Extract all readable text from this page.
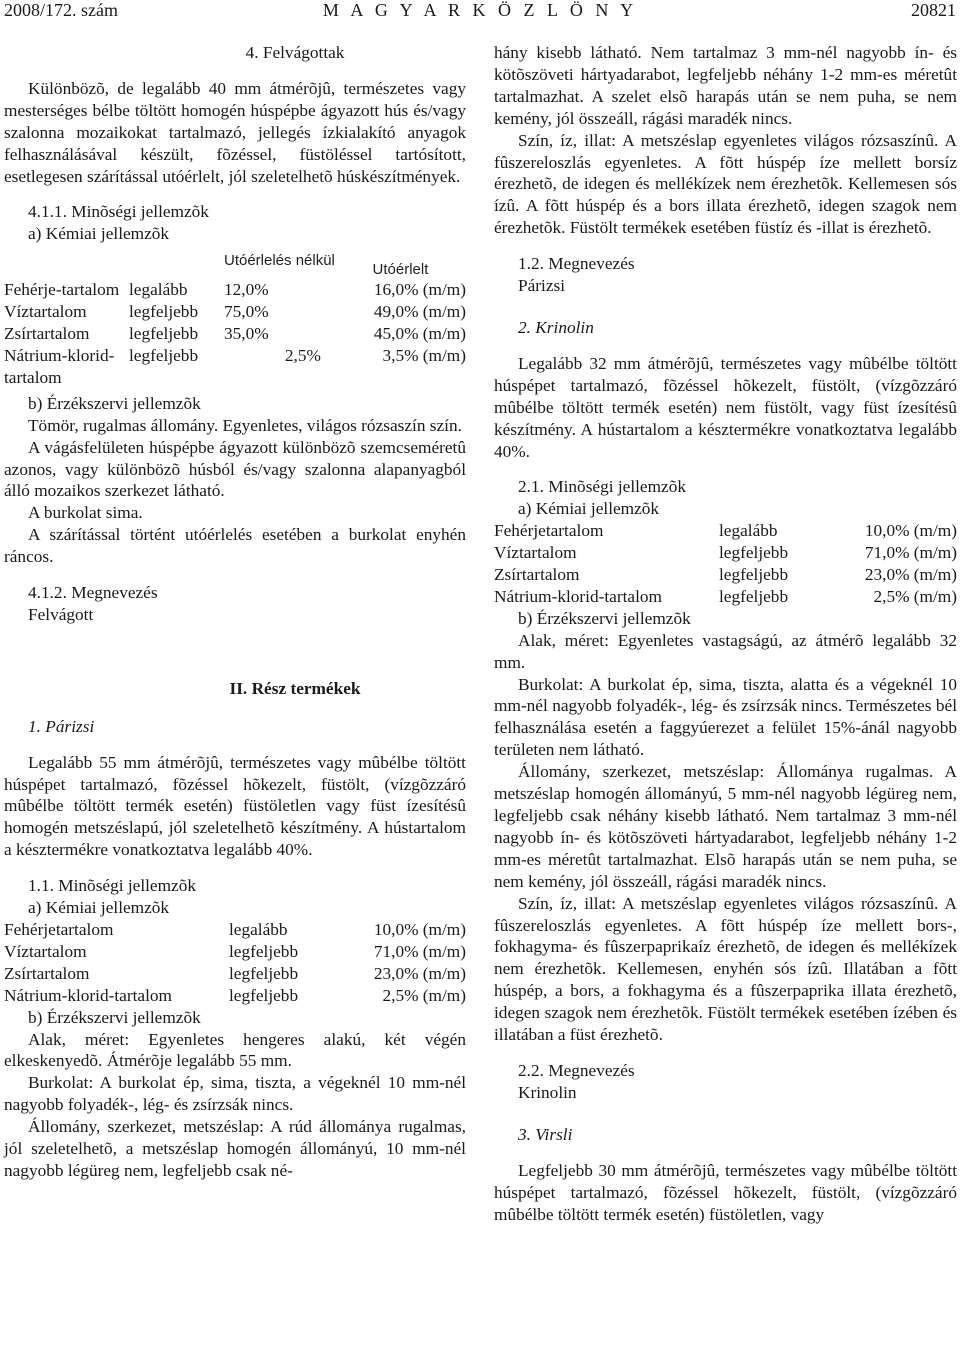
2008/172. szám	M A G Y A R K Ö Z L Ö N Y	20821

4. Felvágottak

Különbözõ, de legalább 40 mm átmérõjû, természetes vagy mesterséges bélbe töltött homogén húspépbe ágyazott hús és/vagy szalonna mozaikokat tartalmazó, jellegés ízkialakító anyagok felhasználásával készült, fõzéssel, füstöléssel tartósított, esetlegesen szárítással utóérlelt, jól szeletelhetõ húskészítmények.

4.1.1. Minõségi jellemzõk

a) Kémiai jellemzõk

		Utóérlelés nélkül	Utóérlelt
Fehérje-tartalom	legalább	12,0%	16,0% (m/m)
Víztartalom	legfeljebb	75,0%	49,0% (m/m)
Zsírtartalom	legfeljebb	35,0%	45,0% (m/m)
Nátrium-klorid-tartalom	legfeljebb	2,5%	3,5% (m/m)

b) Érzékszervi jellemzõk

Tömör, rugalmas állomány. Egyenletes, világos rózsaszín szín.

A vágásfelületen húspépbe ágyazott különbözõ szemcseméretû azonos, vagy különbözõ húsból és/vagy szalonna alapanyagból álló mozaikos szerkezet látható.

A burkolat sima.

A szárítással történt utóérlelés esetében a burkolat enyhén ráncos.

4.1.2. Megnevezés

Felvágott

II. Rész termékek

1. Párizsi

Legalább 55 mm átmérõjû, természetes vagy mûbélbe töltött húspépet tartalmazó, fõzéssel hõkezelt, füstölt, (vízgõzzáró mûbélbe töltött termék esetén) füstöletlen vagy füst ízesítésû homogén metszéslapú, jól szeletelhetõ készítmény. A hústartalom a késztermékre vonatkoztatva legalább 40%.

1.1. Minõségi jellemzõk

a) Kémiai jellemzõk

Fehérjetartalom	legalább	10,0% (m/m)
Víztartalom	legfeljebb	71,0% (m/m)
Zsírtartalom	legfeljebb	23,0% (m/m)
Nátrium-klorid-tartalom	legfeljebb	2,5% (m/m)

b) Érzékszervi jellemzõk

Alak, méret: Egyenletes hengeres alakú, két végén elkeskenyedõ. Átmérõje legalább 55 mm.

Burkolat: A burkolat ép, sima, tiszta, a végeknél 10 mm-nél nagyobb folyadék-, lég- és zsírzsák nincs.

Állomány, szerkezet, metszéslap: A rúd állománya rugalmas, jól szeletelhetõ, a metszéslap homogén állományú, 10 mm-nél nagyobb légüreg nem, legfeljebb csak né-

hány kisebb látható. Nem tartalmaz 3 mm-nél nagyobb ín- és kötõszöveti hártyadarabot, legfeljebb néhány 1-2 mm-es méretût tartalmazhat. A szelet elsõ harapás után se nem puha, se nem kemény, jól összeáll, rágási maradék nincs.

Szín, íz, illat: A metszéslap egyenletes világos rózsaszínû. A fûszereloszlás egyenletes. A fõtt húspép íze mellett borsíz érezhetõ, de idegen és mellékízek nem érezhetõk. Kellemesen sós ízû. A fõtt húspép és a bors illata érezhetõ, idegen szagok nem érezhetõk. Füstölt termékek esetében füstíz és -illat is érezhetõ.

1.2. Megnevezés

Párizsi

2. Krinolin

Legalább 32 mm átmérõjû, természetes vagy mûbélbe töltött húspépet tartalmazó, fõzéssel hõkezelt, füstölt, (vízgõzzáró mûbélbe töltött termék esetén) nem füstölt, vagy füst ízesítésû készítmény. A hústartalom a késztermékre vonatkoztatva legalább 40%.

2.1. Minõségi jellemzõk

a) Kémiai jellemzõk

Fehérjetartalom	legalább	10,0% (m/m)
Víztartalom	legfeljebb	71,0% (m/m)
Zsírtartalom	legfeljebb	23,0% (m/m)
Nátrium-klorid-tartalom	legfeljebb	2,5% (m/m)

b) Érzékszervi jellemzõk

Alak, méret: Egyenletes vastagságú, az átmérõ legalább 32 mm.

Burkolat: A burkolat ép, sima, tiszta, alatta és a végeknél 10 mm-nél nagyobb folyadék-, lég- és zsírzsák nincs. Természetes bél felhasználása esetén a faggyúerezet a felület 15%-ánál nagyobb területen nem látható.

Állomány, szerkezet, metszéslap: Állománya rugalmas. A metszéslap homogén állományú, 5 mm-nél nagyobb légüreg nem, legfeljebb csak néhány kisebb látható. Nem tartalmaz 3 mm-nél nagyobb ín- és kötõszöveti hártyadarabot, legfeljebb néhány 1-2 mm-es méretût tartalmazhat. Elsõ harapás után se nem puha, se nem kemény, jól összeáll, rágási maradék nincs.

Szín, íz, illat: A metszéslap egyenletes világos rózsaszínû. A fûszereloszlás egyenletes. A fõtt húspép íze mellett bors-, fokhagyma- és fûszerpaprikaíz érezhetõ, de idegen és mellékízek nem érezhetõk. Kellemesen, enyhén sós ízû. Illatában a fõtt húspép, a bors, a fokhagyma és a fûszerpaprika illata érezhetõ, idegen szagok nem érezhetõk. Füstölt termékek esetében ízében és illatában a füst érezhetõ.

2.2. Megnevezés

Krinolin

3. Virsli

Legfeljebb 30 mm átmérõjû, természetes vagy mûbélbe töltött húspépet tartalmazó, fõzéssel hõkezelt, füstölt, (vízgõzzáró mûbélbe töltött termék esetén) füstöletlen, vagy
